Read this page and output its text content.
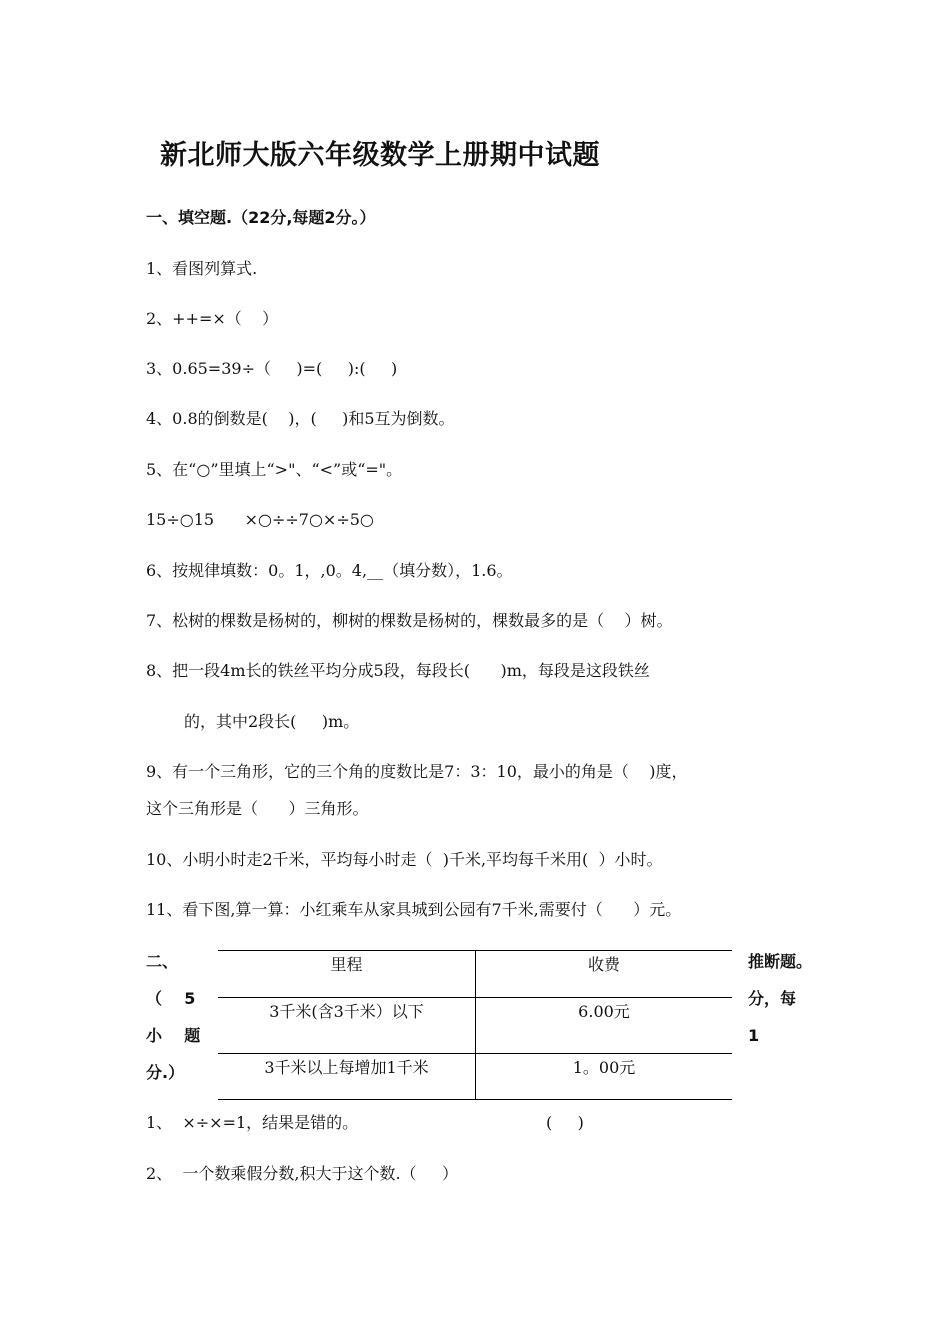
新北师大版六年级数学上册期中试题
一、填空题.（22分,每题2分。）
1、看图列算式.
2、++=×（    ）
3、0.65=39÷（     )=(     ):(     )
4、0.8的倒数是(    )，(     )和5互为倒数。
5、在“○”里填上“>"、“<”或“="。
15÷○15      ×○÷÷7○×÷5○
6、按规律填数：0。1，,0。4,__（填分数），1.6。
7、松树的棵数是杨树的，柳树的棵数是杨树的，棵数最多的是（    ）树。
8、把一段4m长的铁丝平均分成5段，每段长(      )m，每段是这段铁丝
的，其中2段长(     )m。
9、有一个三角形，它的三个角的度数比是7：3：10，最小的角是（    )度，
这个三角形是（      ）三角形。
10、小明小时走2千米，平均每小时走（  )千米,平均每千米用(  ）小时。
11、看下图,算一算：小红乘车从家具城到公园有7千米,需要付（      ）元。
二、
（    5
小    题
分.）
推断题。
分，每
1
里程	收费
3千米(含3千米）以下	6.00元
3千米以上每增加1千米	1。00元
1、  ×÷×=1，结果是错的。	(     )
2、  一个数乘假分数,积大于这个数.（     ）
